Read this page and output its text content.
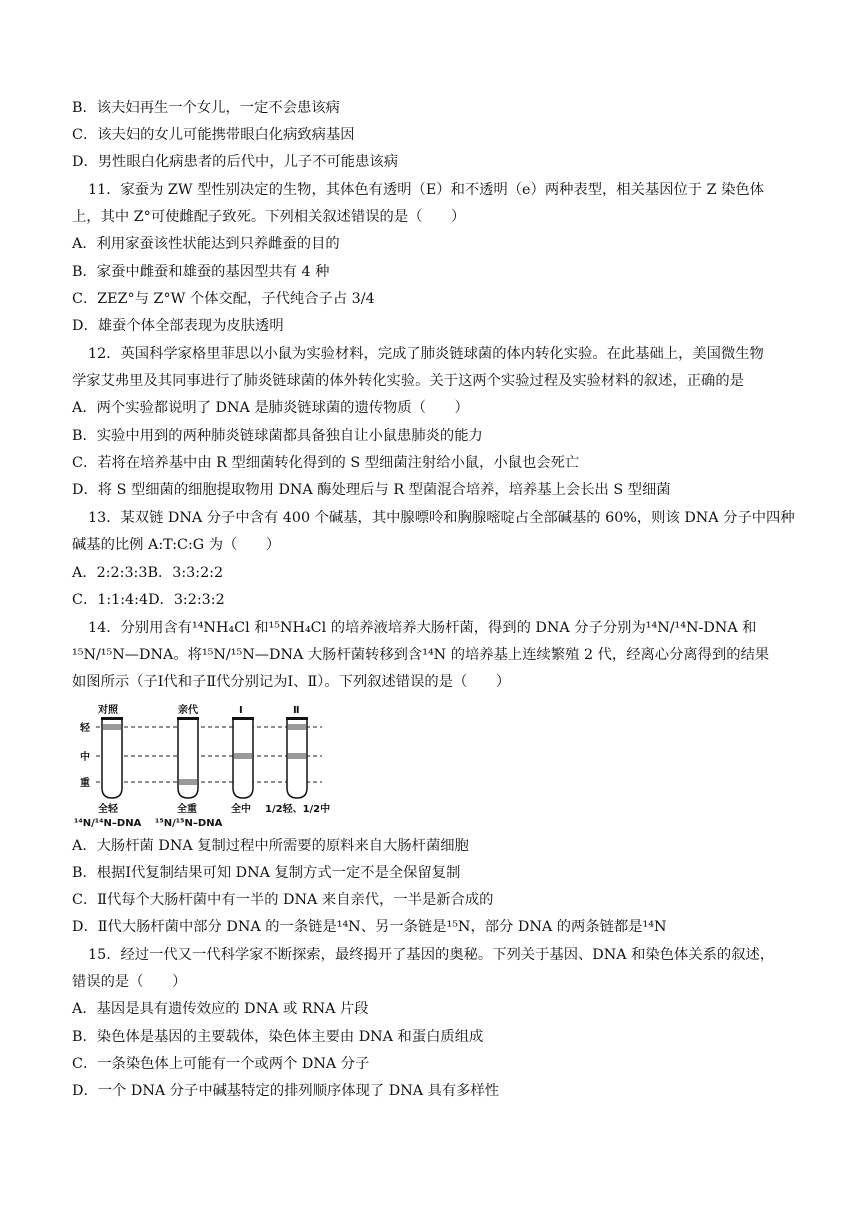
B．该夫妇再生一个女儿，一定不会患该病
C．该夫妇的女儿可能携带眼白化病致病基因
D．男性眼白化病患者的后代中，儿子不可能患该病
11．家蚕为 ZW 型性别决定的生物，其体色有透明（E）和不透明（e）两种表型，相关基因位于 Z 染色体
上，其中 Z°可使雌配子致死。下列相关叙述错误的是（　　）
A．利用家蚕该性状能达到只养雌蚕的目的
B．家蚕中雌蚕和雄蚕的基因型共有 4 种
C．ZEZ°与 Z°W 个体交配，子代纯合子占 3/4
D．雄蚕个体全部表现为皮肤透明
12．英国科学家格里菲思以小鼠为实验材料，完成了肺炎链球菌的体内转化实验。在此基础上，美国微生物
学家艾弗里及其同事进行了肺炎链球菌的体外转化实验。关于这两个实验过程及实验材料的叙述，正确的是
A．两个实验都说明了 DNA 是肺炎链球菌的遗传物质（　　）
B．实验中用到的两种肺炎链球菌都具备独自让小鼠患肺炎的能力
C．若将在培养基中由 R 型细菌转化得到的 S 型细菌注射给小鼠，小鼠也会死亡
D．将 S 型细菌的细胞提取物用 DNA 酶处理后与 R 型菌混合培养，培养基上会长出 S 型细菌
13．某双链 DNA 分子中含有 400 个碱基，其中腺嘌呤和胸腺嘧啶占全部碱基的 60%，则该 DNA 分子中四种
碱基的比例 A:T:C:G 为（　　）
A．2:2:3:3B．3:3:2:2
C．1:1:4:4D．3:2:3:2
14．分别用含有¹⁴NH₄Cl 和¹⁵NH₄Cl 的培养液培养大肠杆菌，得到的 DNA 分子分别为¹⁴N/¹⁴N-DNA 和
¹⁵N/¹⁵N—DNA。将¹⁵N/¹⁵N—DNA 大肠杆菌转移到含¹⁴N 的培养基上连续繁殖 2 代，经离心分离得到的结果
如图所示（子Ⅰ代和子Ⅱ代分别记为Ⅰ、Ⅱ）。下列叙述错误的是（　　）
轻
中
重
对照	亲代	Ⅰ	Ⅱ
全轻	全重	全中 1/2轻、1/2中
¹⁴N/¹⁴N–DNA ¹⁵N/¹⁵N–DNA
A．大肠杆菌 DNA 复制过程中所需要的原料来自大肠杆菌细胞
B．根据Ⅰ代复制结果可知 DNA 复制方式一定不是全保留复制
C．Ⅱ代每个大肠杆菌中有一半的 DNA 来自亲代，一半是新合成的
D．Ⅱ代大肠杆菌中部分 DNA 的一条链是¹⁴N、另一条链是¹⁵N，部分 DNA 的两条链都是¹⁴N
15．经过一代又一代科学家不断探索，最终揭开了基因的奥秘。下列关于基因、DNA 和染色体关系的叙述，
错误的是（　　）
A．基因是具有遗传效应的 DNA 或 RNA 片段
B．染色体是基因的主要载体，染色体主要由 DNA 和蛋白质组成
C．一条染色体上可能有一个或两个 DNA 分子
D．一个 DNA 分子中碱基特定的排列顺序体现了 DNA 具有多样性
